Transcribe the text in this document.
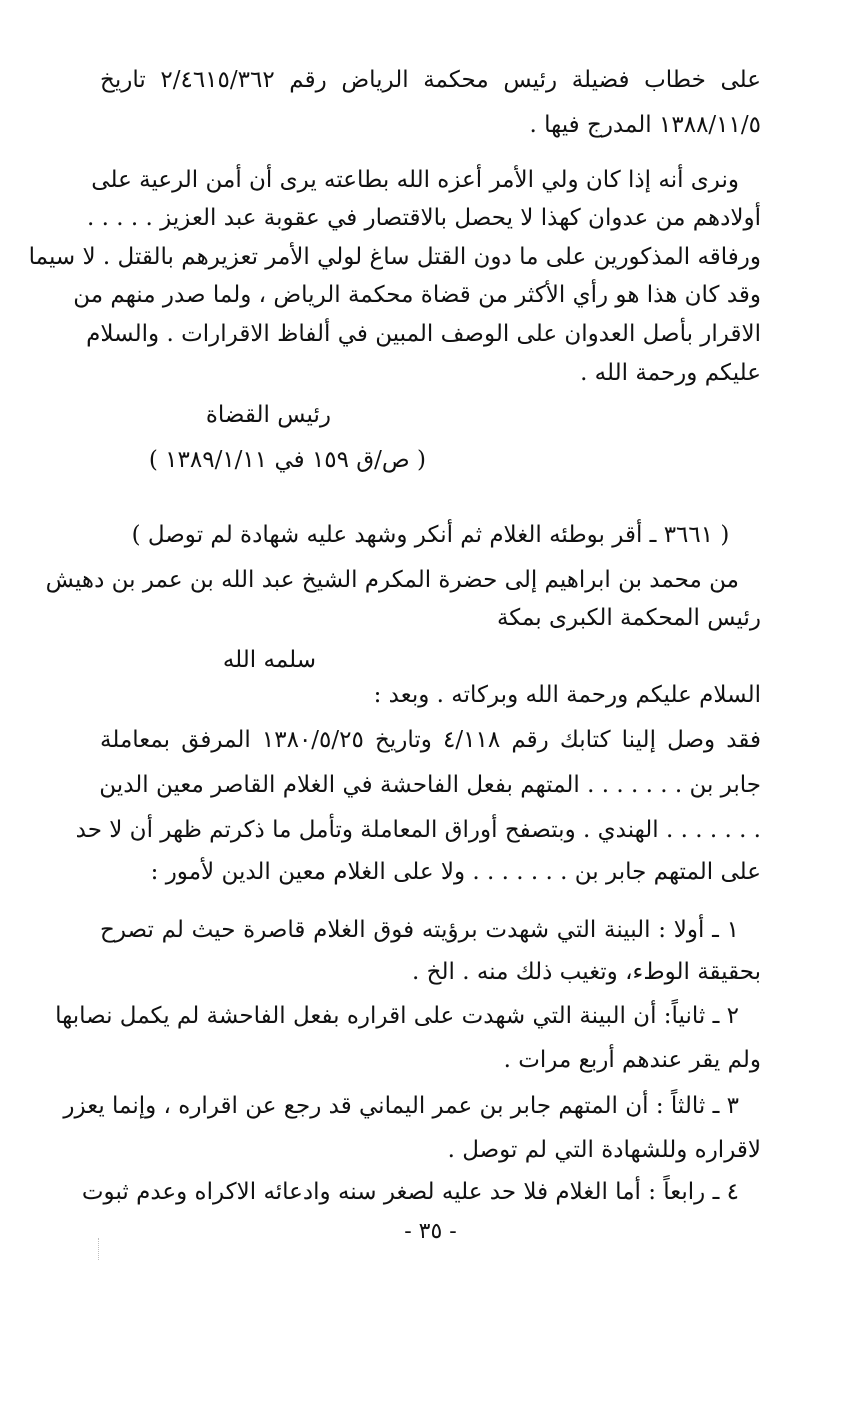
على خطاب فضيلة رئيس محكمة الرياض رقم ٢/٤٦١٥/٣٦٢ تاريخ
١٣٨٨/١١/٥ المدرج فيها .
ونرى أنه إذا كان ولي الأمر أعزه الله بطاعته يرى أن أمن الرعية على
أولادهم من عدوان كهذا لا يحصل بالاقتصار في عقوبة عبد العزيز . . . . .
ورفاقه المذكورين على ما دون القتل ساغ لولي الأمر تعزيرهم بالقتل . لا سيما
وقد كان هذا هو رأي الأكثر من قضاة محكمة الرياض ، ولما صدر منهم من
الاقرار بأصل العدوان على الوصف المبين في ألفاظ الاقرارات . والسلام
عليكم ورحمة الله .
رئيس القضاة
( ص/ق ١٥٩ في ١٣٨٩/١/١١ )
( ٣٦٦١ ـ أقر بوطئه الغلام ثم أنكر وشهد عليه شهادة لم توصل )
من محمد بن ابراهيم إلى حضرة المكرم الشيخ عبد الله بن عمر بن دهيش
رئيس المحكمة الكبرى بمكة
سلمه الله
السلام عليكم ورحمة الله وبركاته . وبعد :
فقد وصل إلينا كتابك رقم ٤/١١٨ وتاريخ ١٣٨٠/٥/٢٥ المرفق بمعاملة
جابر بن . . . . . . . المتهم بفعل الفاحشة في الغلام القاصر معين الدين
. . . . . . . الهندي . وبتصفح أوراق المعاملة وتأمل ما ذكرتم ظهر أن لا حد
على المتهم جابر بن . . . . . . . ولا على الغلام معين الدين لأمور :
١ ـ أولا : البينة التي شهدت برؤيته فوق الغلام قاصرة حيث لم تصرح
بحقيقة الوطء، وتغيب ذلك منه . الخ .
٢ ـ ثانياً: أن البينة التي شهدت على اقراره بفعل الفاحشة لم يكمل نصابها
ولم يقر عندهم أربع مرات .
٣ ـ ثالثاً : أن المتهم جابر بن عمر اليماني قد رجع عن اقراره ، وإنما يعزر
لاقراره وللشهادة التي لم توصل .
٤ ـ رابعاً : أما الغلام فلا حد عليه لصغر سنه وادعائه الاكراه وعدم ثبوت
- ٣٥ -
